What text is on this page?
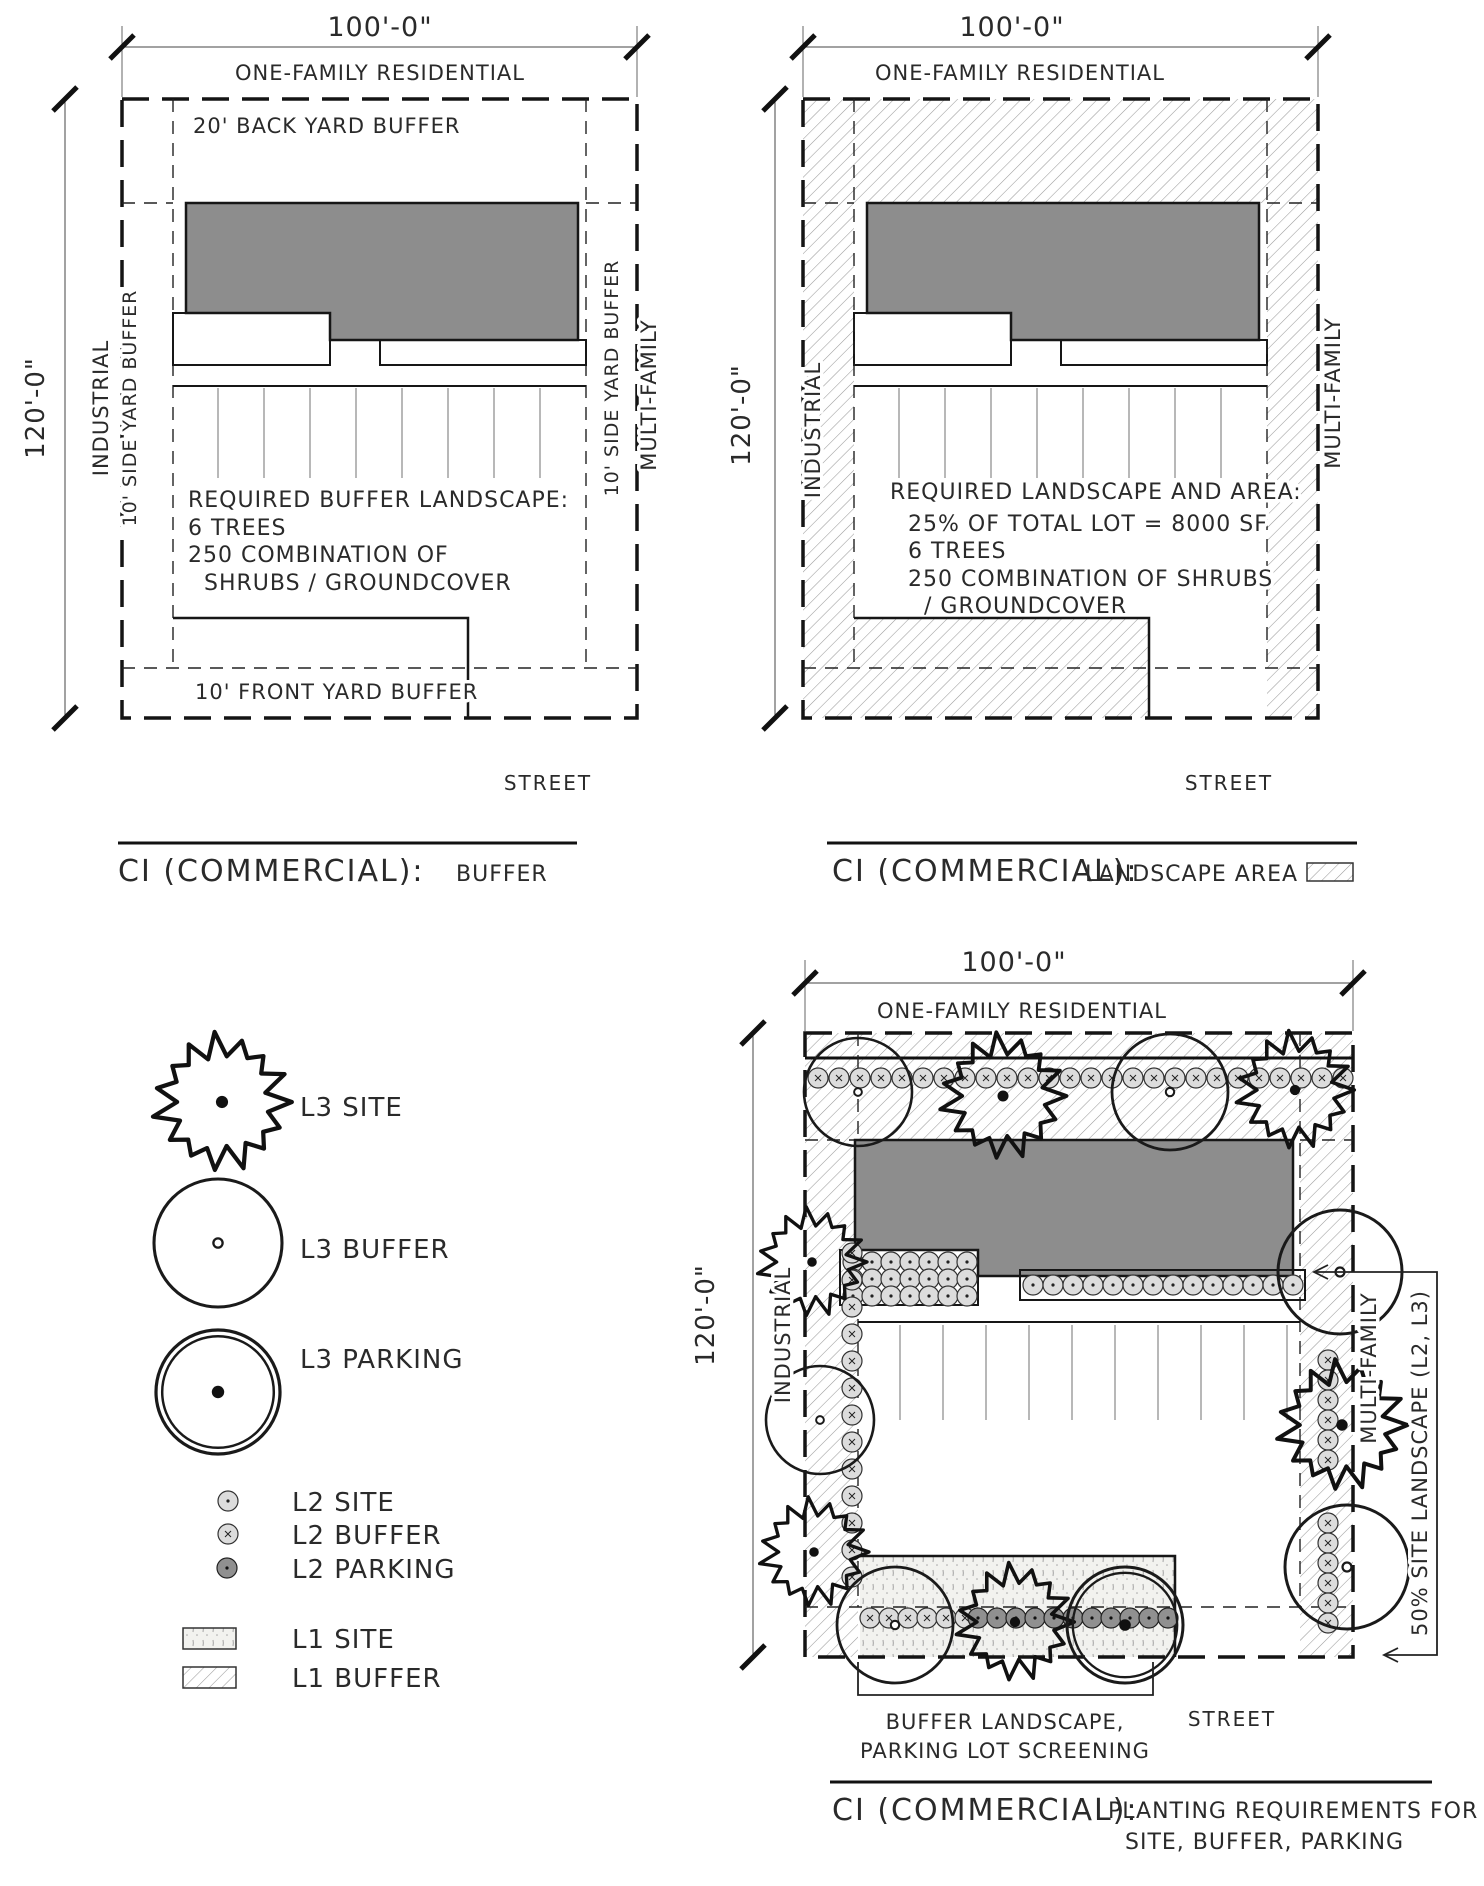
100'-0"
ONE-FAMILY RESIDENTIAL
20' BACK YARD BUFFER
REQUIRED BUFFER LANDSCAPE:
6 TREES
250 COMBINATION OF
SHRUBS / GROUNDCOVER
10' FRONT YARD BUFFER
120'-0" INDUSTRIAL 10' SIDE YARD BUFFER	10' SIDE YARD BUFFER MULTI-FAMILY
STREET
CI (COMMERCIAL): BUFFER
100'-0"
ONE-FAMILY RESIDENTIAL
REQUIRED LANDSCAPE AND AREA:
25% OF TOTAL LOT = 8000 SF
6 TREES
250 COMBINATION OF SHRUBS
/ GROUNDCOVER
120'-0" INDUSTRIAL	MULTI-FAMILY
STREET
CI (COMMERCIAL):
LANDSCAPE AREA
L3 SITE
L3 BUFFER
L3 PARKING
L2 SITE
L2 BUFFER
L2 PARKING
L1 SITE
L1 BUFFER
100'-0"
ONE-FAMILY RESIDENTIAL
120'-0" INDUSTRIAL	MULTI-FAMILY 50% SITE LANDSCAPE (L2, L3)
BUFFER LANDSCAPE,
PARKING LOT SCREENING
STREET
CI (COMMERCIAL):
PLANTING REQUIREMENTS FOR
SITE, BUFFER, PARKING
